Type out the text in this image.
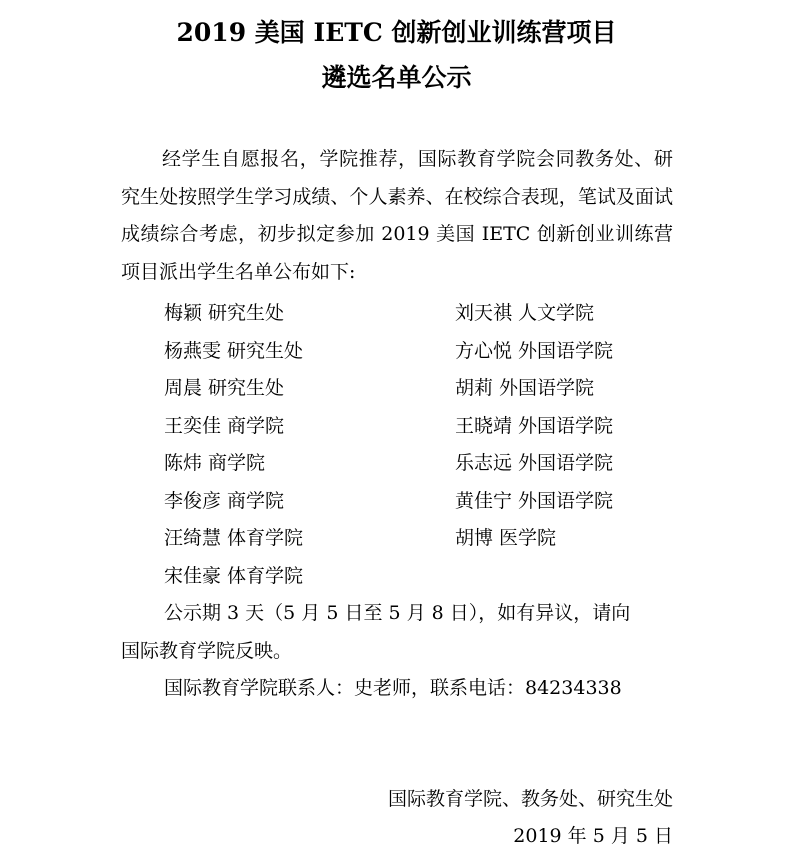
2019 美国 IETC 创新创业训练营项目
遴选名单公示
经学生自愿报名，学院推荐，国际教育学院会同教务处、研究生处按照学生学习成绩、个人素养、在校综合表现，笔试及面试成绩综合考虑，初步拟定参加 2019 美国 IETC 创新创业训练营项目派出学生名单公布如下:
梅颖 研究生处
杨燕雯 研究生处
周晨 研究生处
王奕佳 商学院
陈炜 商学院
李俊彦 商学院
汪绮慧 体育学院
宋佳豪 体育学院
刘天祺 人文学院
方心悦 外国语学院
胡莉 外国语学院
王晓靖 外国语学院
乐志远 外国语学院
黄佳宁 外国语学院
胡博 医学院
公示期 3 天（5 月 5 日至 5 月 8 日），如有异议，请向
国际教育学院反映。
国际教育学院联系人：史老师，联系电话：84234338
国际教育学院、教务处、研究生处
2019 年 5 月 5 日
